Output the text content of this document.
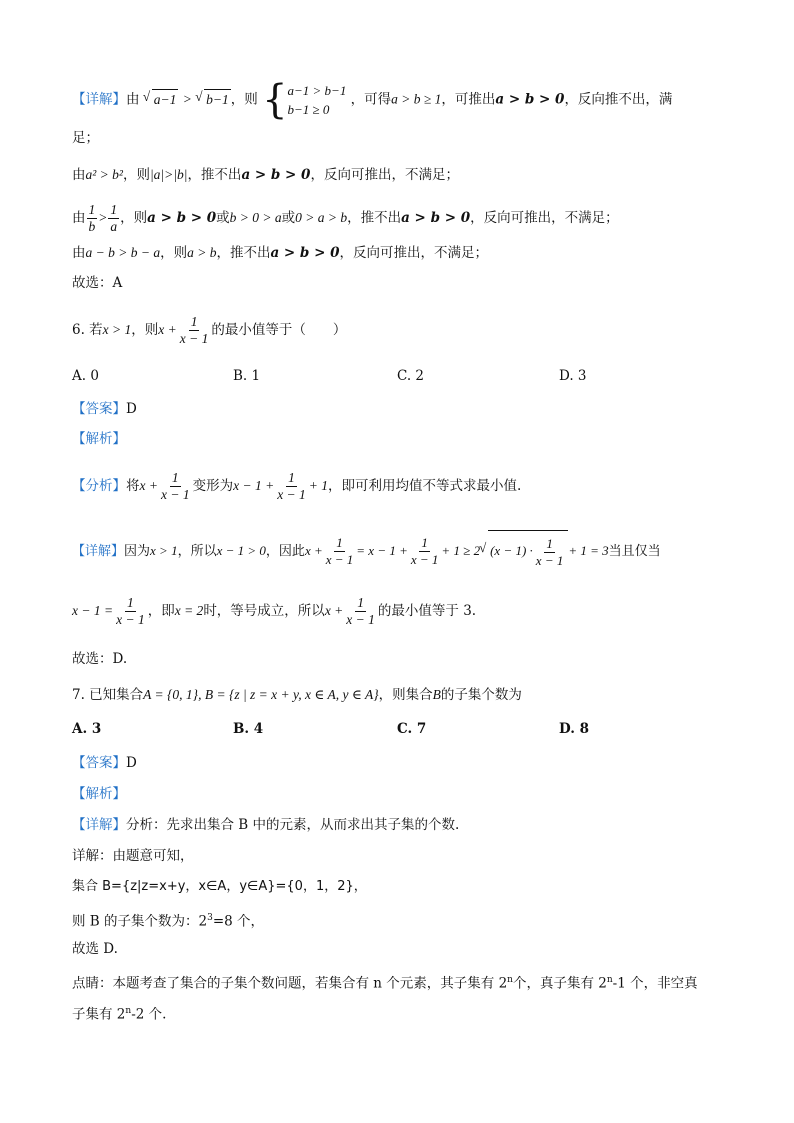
【详解】由 √ a−1 > √ b−1 ，则 { a−1 > b−1
b−1 ≥ 0
，可得a > b ≥ 1，可推出a > b > 0，反向推不出，满
足；
由a² > b²，则|a|>|b|，推不出a > b > 0，反向可推出，不满足；
由 $\frac{1}{b} > \frac{1}{a}$ ，则a > b > 0或b > 0 > a或0 > a > b，推不出a > b > 0，反向可推出，不满足；
由a − b > b − a，则a > b，推不出a > b > 0，反向可推出，不满足；
故选：A
6. 若x > 1，则$x + \frac{1}{x - 1}$ 的最小值等于（　　）
A. 0	B. 1	C. 2	D. 3
【答案】D
【解析】
【分析】将$x + \frac{1}{x - 1}$ 变形为$x - 1 + \frac{1}{x - 1} + 1$，即可利用均值不等式求最小值.
【详解】因为x > 1，所以x − 1 > 0，因此$x + \frac{1}{x - 1} = x - 1 + \frac{1}{x - 1} + 1 \ge 2√$ $(x - 1) \cdot \frac{1}{x - 1} + 1 = 3$当且仅当
$x - 1 = \frac{1}{x - 1}$ ，即x = 2时，等号成立，所以$x + \frac{1}{x - 1}$ 的最小值等于 3.
故选：D.
7. 已知集合A = {0, 1}, B = {z | z = x + y, x ∈ A, y ∈ A}，则集合B的子集个数为
A. 3	B. 4	C. 7	D. 8
【答案】D
【解析】
【详解】分析：先求出集合 B 中的元素，从而求出其子集的个数.
详解：由题意可知，
集合 B={z|z=x+y，x∈A，y∈A}={0，1，2}，
则 B 的子集个数为：$2^3=8$ 个，
故选 D.
点睛：本题考查了集合的子集个数问题，若集合有 n 个元素，其子集有 2$^n$个，真子集有 2$^n$-1 个，非空真
子集有 2$^n$-2 个.
